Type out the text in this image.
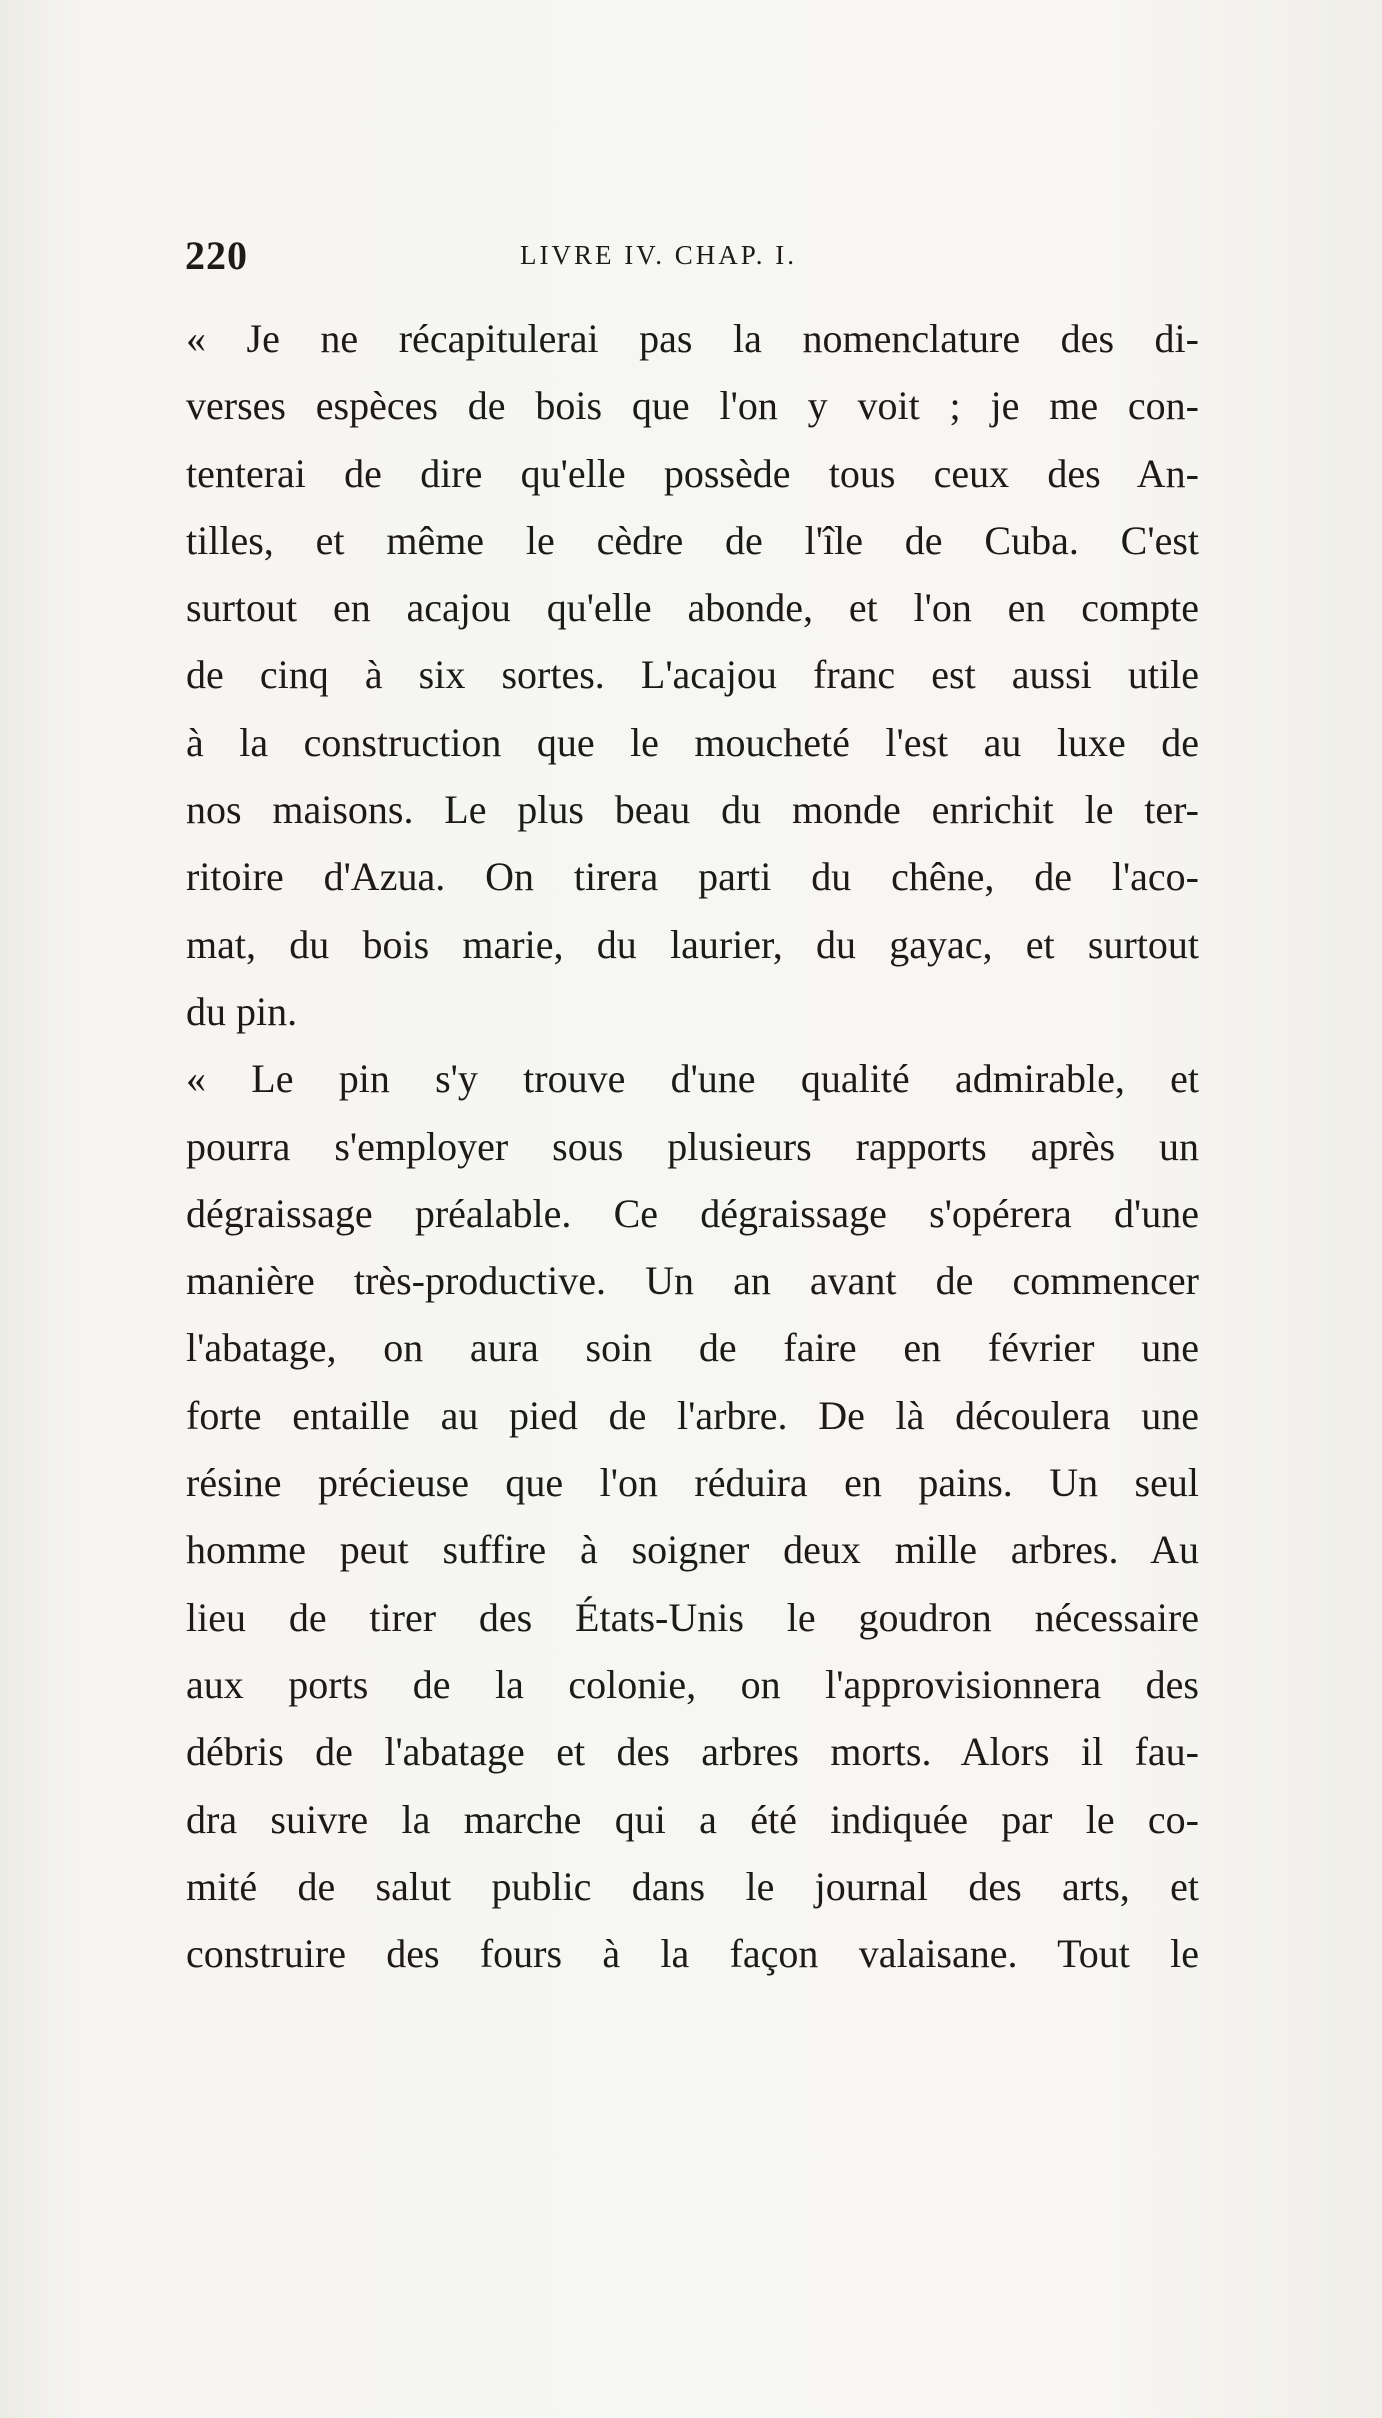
220	LIVRE IV. CHAP. I.
« Je ne récapitulerai pas la nomenclature des di-
verses espèces de bois que l'on y voit ; je me con-
tenterai de dire qu'elle possède tous ceux des An-
tilles, et même le cèdre de l'île de Cuba. C'est
surtout en acajou qu'elle abonde, et l'on en compte
de cinq à six sortes. L'acajou franc est aussi utile
à la construction que le moucheté l'est au luxe de
nos maisons. Le plus beau du monde enrichit le ter-
ritoire d'Azua. On tirera parti du chêne, de l'aco-
mat, du bois marie, du laurier, du gayac, et surtout
du pin.
« Le pin s'y trouve d'une qualité admirable, et
pourra s'employer sous plusieurs rapports après un
dégraissage préalable. Ce dégraissage s'opérera d'une
manière très-productive. Un an avant de commencer
l'abatage, on aura soin de faire en février une
forte entaille au pied de l'arbre. De là découlera une
résine précieuse que l'on réduira en pains. Un seul
homme peut suffire à soigner deux mille arbres. Au
lieu de tirer des États-Unis le goudron nécessaire
aux ports de la colonie, on l'approvisionnera des
débris de l'abatage et des arbres morts. Alors il fau-
dra suivre la marche qui a été indiquée par le co-
mité de salut public dans le journal des arts, et
construire des fours à la façon valaisane. Tout le
